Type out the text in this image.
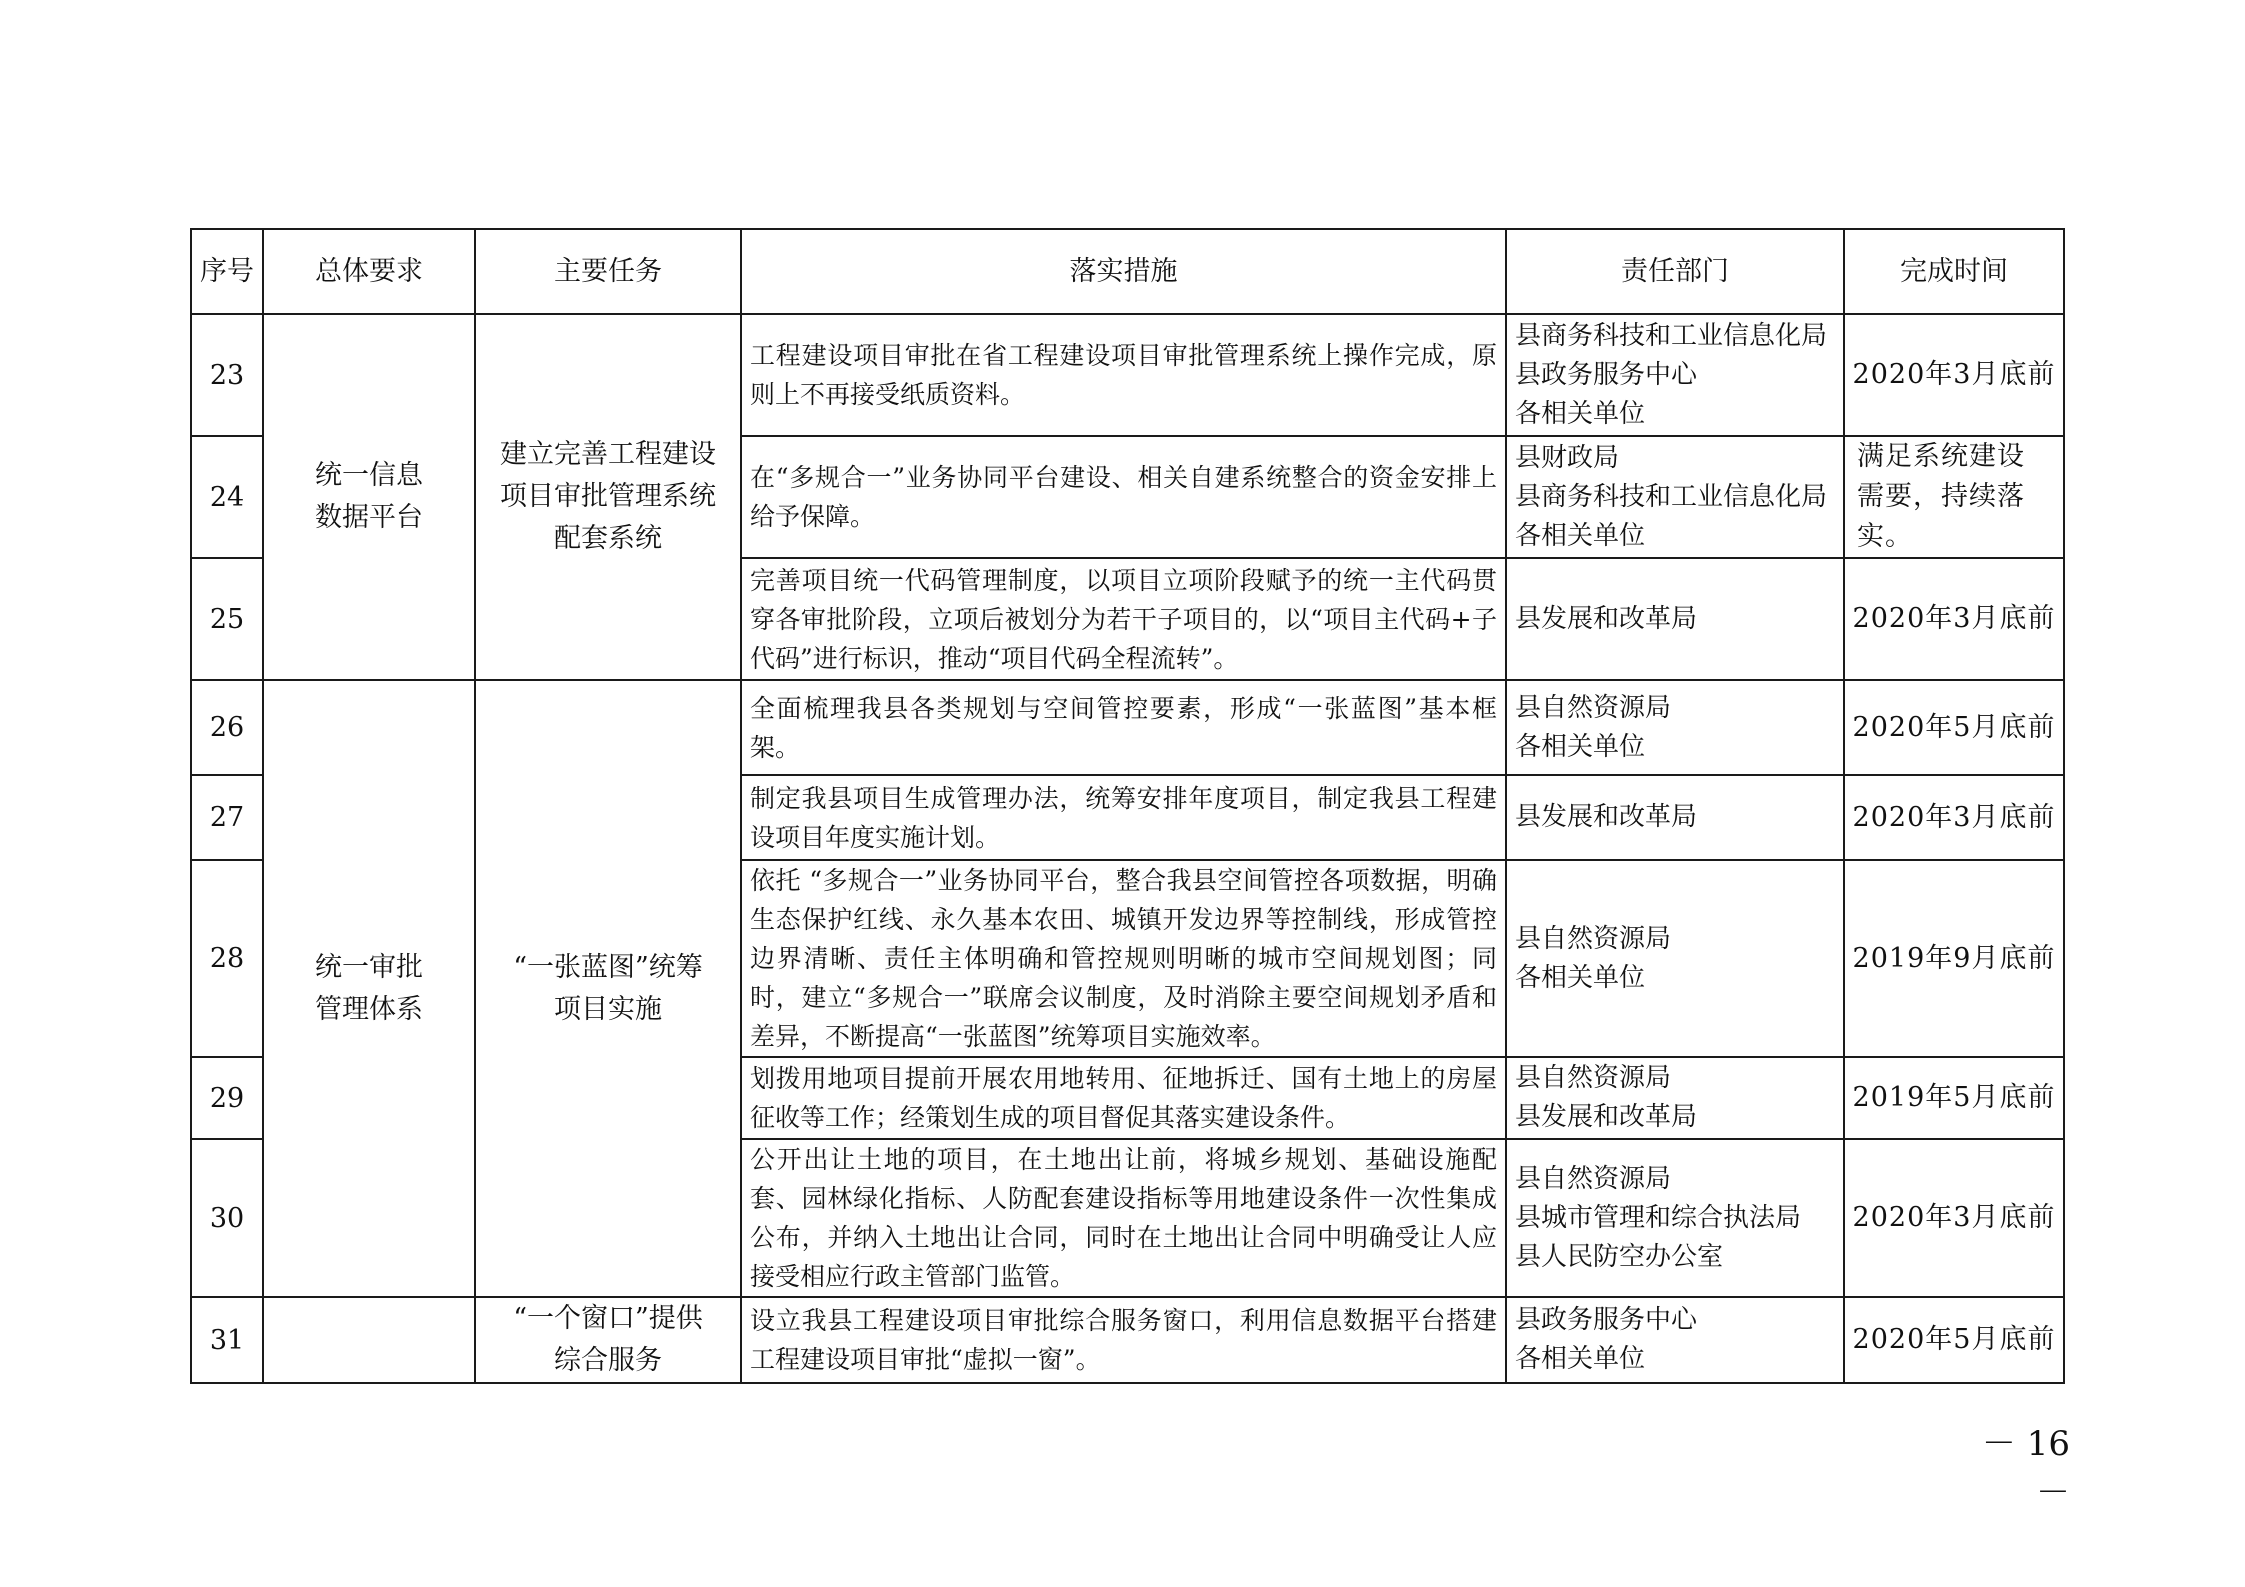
序号	总体要求	主要任务	落实措施	责任部门	完成时间
23	统一信息
数据平台	建立完善工程建设
项目审批管理系统
配套系统	工程建设项目审批在省工程建设项目审批管理系统上操作完成，原则上不再接受纸质资料。	县商务科技和工业信息化局
县政务服务中心
各相关单位	2020年3月底前
24			在“多规合一”业务协同平台建设、相关自建系统整合的资金安排上给予保障。	县财政局
县商务科技和工业信息化局
各相关单位	满足系统建设需要，持续落实。
25			完善项目统一代码管理制度，以项目立项阶段赋予的统一主代码贯穿各审批阶段，立项后被划分为若干子项目的，以“项目主代码+子代码”进行标识，推动“项目代码全程流转”。	县发展和改革局	2020年3月底前
26	统一审批
管理体系	“一张蓝图”统筹
项目实施	全面梳理我县各类规划与空间管控要素，形成“一张蓝图”基本框架。	县自然资源局
各相关单位	2020年5月底前
27			制定我县项目生成管理办法，统筹安排年度项目，制定我县工程建设项目年度实施计划。	县发展和改革局	2020年3月底前
28			依托 “多规合一”业务协同平台，整合我县空间管控各项数据，明确生态保护红线、永久基本农田、城镇开发边界等控制线，形成管控边界清晰、责任主体明确和管控规则明晰的城市空间规划图；同时，建立“多规合一”联席会议制度，及时消除主要空间规划矛盾和差异，不断提高“一张蓝图”统筹项目实施效率。	县自然资源局
各相关单位	2019年9月底前
29			划拨用地项目提前开展农用地转用、征地拆迁、国有土地上的房屋征收等工作；经策划生成的项目督促其落实建设条件。	县自然资源局
县发展和改革局	2019年5月底前
30			公开出让土地的项目，在土地出让前，将城乡规划、基础设施配套、园林绿化指标、人防配套建设指标等用地建设条件一次性集成公布，并纳入土地出让合同，同时在土地出让合同中明确受让人应接受相应行政主管部门监管。	县自然资源局
县城市管理和综合执法局
县人民防空办公室	2020年3月底前
31		“一个窗口”提供
综合服务	设立我县工程建设项目审批综合服务窗口，利用信息数据平台搭建工程建设项目审批“虚拟一窗”。	县政务服务中心
各相关单位	2020年5月底前
－ 16 －
